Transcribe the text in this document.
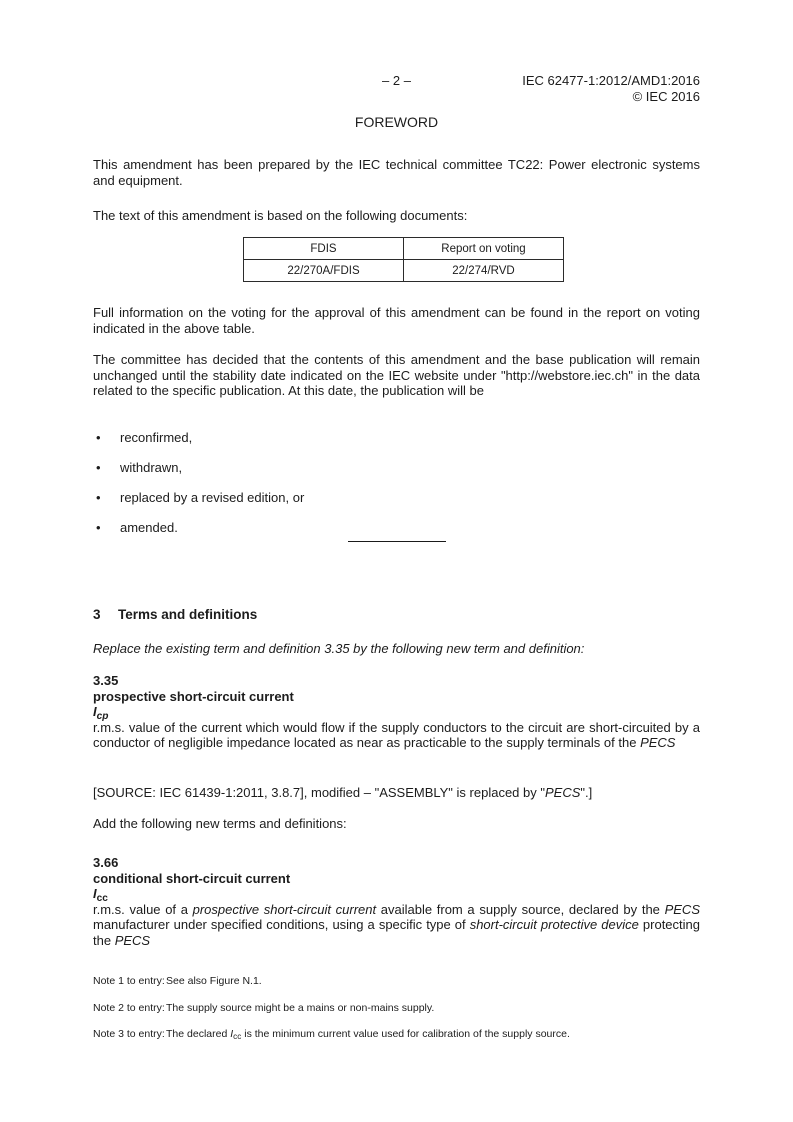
– 2 –	IEC 62477-1:2012/AMD1:2016
© IEC 2016
FOREWORD
This amendment has been prepared by the IEC technical committee TC22: Power electronic systems and equipment.
The text of this amendment is based on the following documents:
FDIS	Report on voting
22/270A/FDIS	22/274/RVD
Full information on the voting for the approval of this amendment can be found in the report on voting indicated in the above table.
The committee has decided that the contents of this amendment and the base publication will remain unchanged until the stability date indicated on the IEC website under "http://webstore.iec.ch" in the data related to the specific publication. At this date, the publication will be
• reconfirmed,
• withdrawn,
• replaced by a revised edition, or
• amended.
3 Terms and definitions
Replace the existing term and definition 3.35 by the following new term and definition:
3.35
prospective short-circuit current
$I_{cp}$
r.m.s. value of the current which would flow if the supply conductors to the circuit are short-circuited by a conductor of negligible impedance located as near as practicable to the supply terminals of the PECS
[SOURCE: IEC 61439-1:2011, 3.8.7], modified – "ASSEMBLY" is replaced by "PECS".]
Add the following new terms and definitions:
3.66
conditional short-circuit current
$I_{cc}$
r.m.s. value of a prospective short-circuit current available from a supply source, declared by the PECS manufacturer under specified conditions, using a specific type of short-circuit protective device protecting the PECS
Note 1 to entry:See also Figure N.1.
Note 2 to entry:The supply source might be a mains or non-mains supply.
Note 3 to entry:The declared $I_{cc}$ is the minimum current value used for calibration of the supply source.
